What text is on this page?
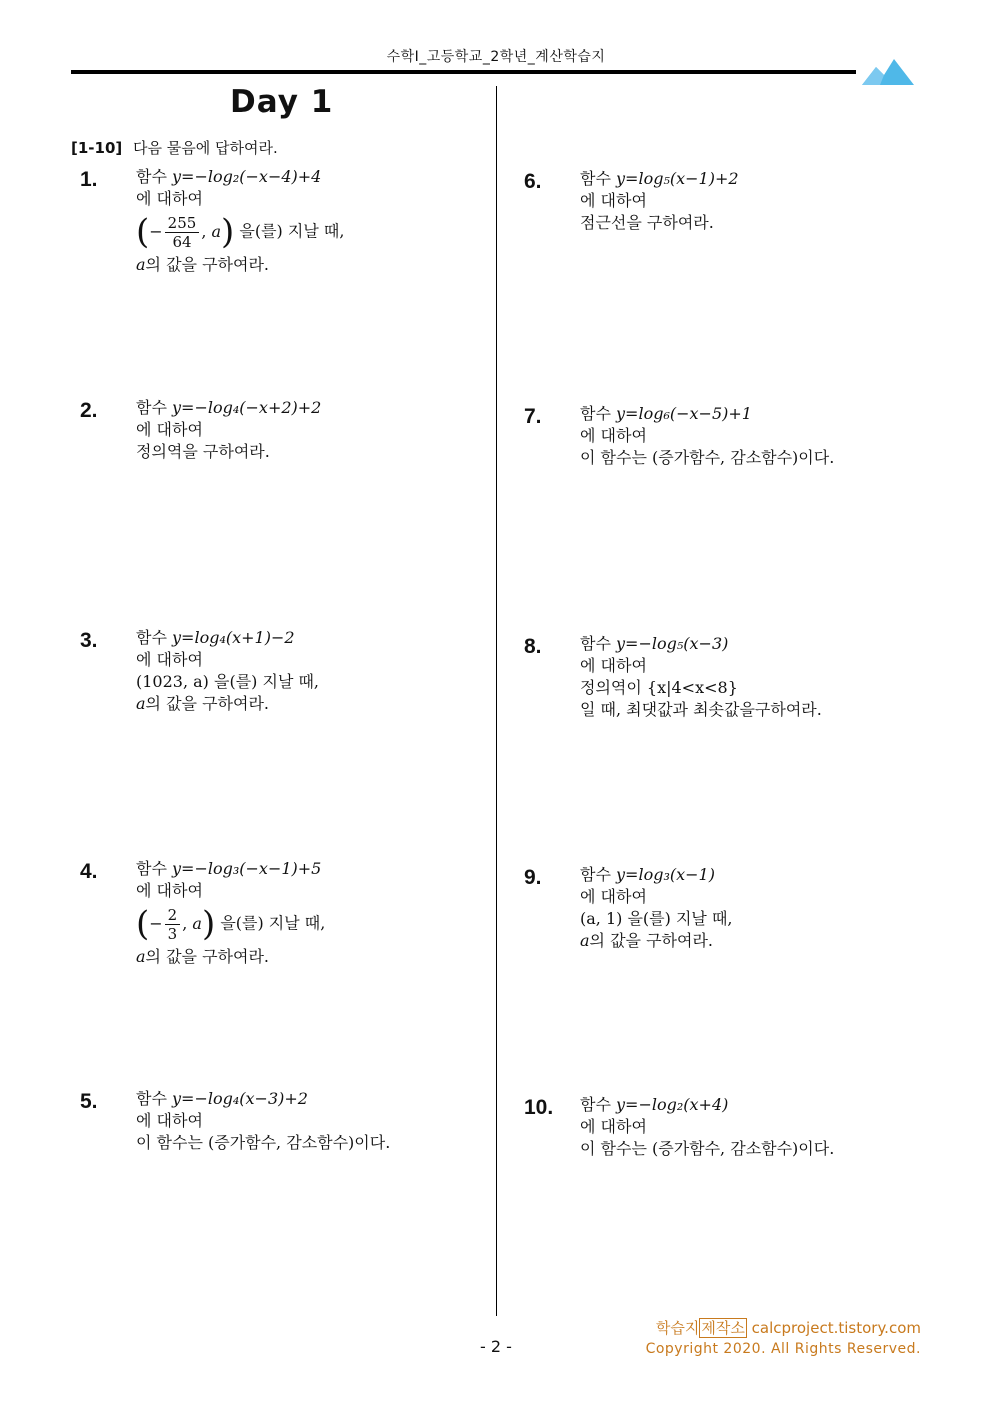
수학I_고등학교_2학년_계산학습지
Day 1
[1-10] 다음 물음에 답하여라.
1. 함수 y=−log₂(−x−4)+4
에 대하여
( − $\frac{255}{64}$ ,
a ) 을(를) 지날 때,
a의 값을 구하여라.
2. 함수 y=−log₄(−x+2)+2
에 대하여
정의역을 구하여라.
3. 함수 y=log₄(x+1)−2
에 대하여
(1023, a) 을(를) 지날 때,
a의 값을 구하여라.
4. 함수 y=−log₃(−x−1)+5
에 대하여
( − $\frac{2}{3}$ ,
a ) 을(를) 지날 때,
a의 값을 구하여라.
5. 함수 y=−log₄(x−3)+2
에 대하여
이 함수는 (증가함수, 감소함수)이다.
6. 함수 y=log₅(x−1)+2
에 대하여
점근선을 구하여라.
7. 함수 y=log₆(−x−5)+1
에 대하여
이 함수는 (증가함수, 감소함수)이다.
8. 함수 y=−log₅(x−3)
에 대하여
정의역이 {x|4<x<8}
일 때, 최댓값과 최솟값을구하여라.
9. 함수 y=log₃(x−1)
에 대하여
(a, 1) 을(를) 지날 때,
a의 값을 구하여라.
10. 함수 y=−log₂(x+4)
에 대하여
이 함수는 (증가함수, 감소함수)이다.
학습지 제작소 calcproject.tistory.com
Copyright 2020. All Rights Reserved.
- 2 -
